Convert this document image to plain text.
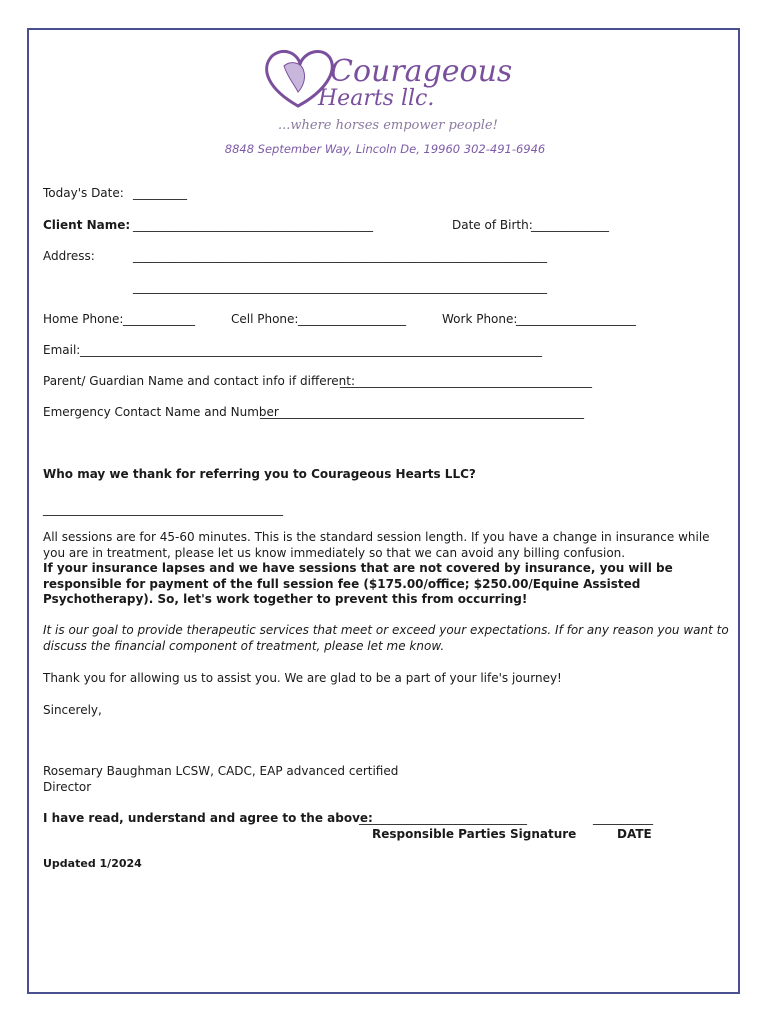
Courageous
Hearts llc.
...where horses empower people!
8848 September Way, Lincoln De, 19960 302-491-6946
Today's Date: _________
Client Name: ________________________________________	Date of Birth:
_____________
Address:	_____________________________________________________________________
_____________________________________________________________________
Home Phone: ____________	Cell Phone: __________________	Work Phone:
____________________
Email: _____________________________________________________________________________
Parent/ Guardian Name and contact info if different:
__________________________________________
Emergency Contact Name and Number
______________________________________________________
Who may we thank for referring you to Courageous Hearts LLC?
________________________________________
All sessions are for 45-60 minutes. This is the standard session length. If you have a change in insurance while you are in treatment, please let us know immediately so that we can avoid any billing confusion.
If your insurance lapses and we have sessions that are not covered by insurance, you will be responsible for payment of the full session fee ($175.00/office; $250.00/Equine Assisted Psychotherapy). So, let's work together to prevent this from occurring!
It is our goal to provide therapeutic services that meet or exceed your expectations. If for any reason you want to discuss the financial component of treatment, please let me know.
Thank you for allowing us to assist you. We are glad to be a part of your life's journey!
Sincerely,
Rosemary Baughman LCSW, CADC, EAP advanced certified
Director
I have read, understand and agree to the above:
____________________________	__________
Responsible Parties Signature	DATE
Updated 1/2024
